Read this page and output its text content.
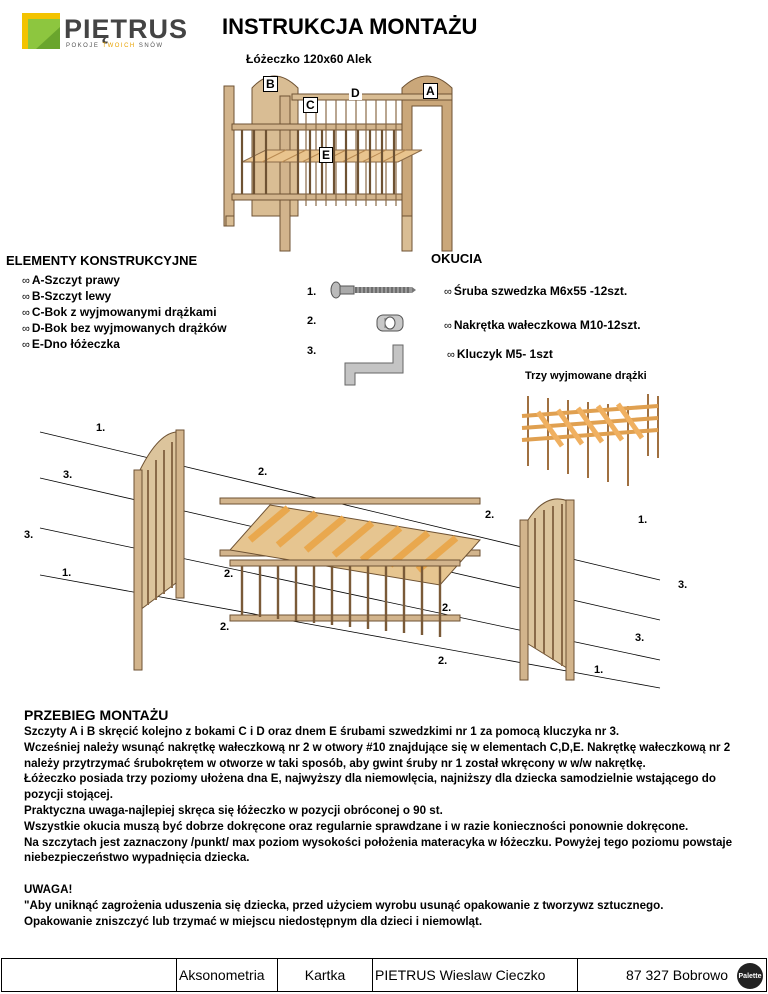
PIĘTRUS
POKOJE TWOICH SNÓW
INSTRUKCJA MONTAŻU
Łóżeczko 120x60 Alek
B	A
C
D
E
ELEMENTY KONSTRUKCYJNE
∞ A-Szczyt prawy
∞ B-Szczyt lewy
∞ C-Bok z wyjmowanymi drążkami
∞ D-Bok bez wyjmowanych drążków
∞ E-Dno łóżeczka
OKUCIA
1.	∞ Śruba szwedzka M6x55 -12szt.
2.	∞ Nakrętka wałeczkowa M10-12szt.
3.	∞ Kluczyk M5- 1szt
Trzy wyjmowane drążki
1.
2.
3.
2.
3.
1.
1.	2.
3.
2.
2.
3.
2.
1.
PRZEBIEG MONTAŻU

Szczyty A i B skręcić kolejno z bokami C i D oraz dnem E śrubami szwedzkimi nr 1 za pomocą kluczyka nr 3.

Wcześniej należy wsunąć nakrętkę wałeczkową nr 2 w otwory #10 znajdujące się w elementach C,D,E. Nakrętkę wałeczkową nr 2 należy przytrzymać śrubokrętem w otworze w taki sposób, aby gwint śruby nr 1 został wkręcony w w/w nakrętkę.

Łóżeczko posiada trzy poziomy ułożena dna E, najwyższy dla niemowlęcia, najniższy dla dziecka samodzielnie wstającego do pozycji stojącej.

Praktyczna uwaga-najlepiej skręca się łóżeczko w pozycji obróconej o 90 st.

Wszystkie okucia muszą być dobrze dokręcone oraz regularnie sprawdzane i w razie konieczności ponownie dokręcone.

Na szczytach jest zaznaczony /punkt/ max poziom wysokości położenia materacyka w łóżeczku. Powyżej tego poziomu powstaje niebezpieczeństwo wypadnięcia dziecka.

UWAGA!

"Aby uniknąć zagrożenia uduszenia się dziecka, przed użyciem wyrobu usunąć opakowanie z tworzywz sztucznego. Opakowanie zniszczyć lub trzymać w miejscu niedostępnym dla dzieci i niemowląt.

	Aksonometria	Kartka	PIETRUS Wieslaw Cieczko	87 327 Bobrowo Palette
